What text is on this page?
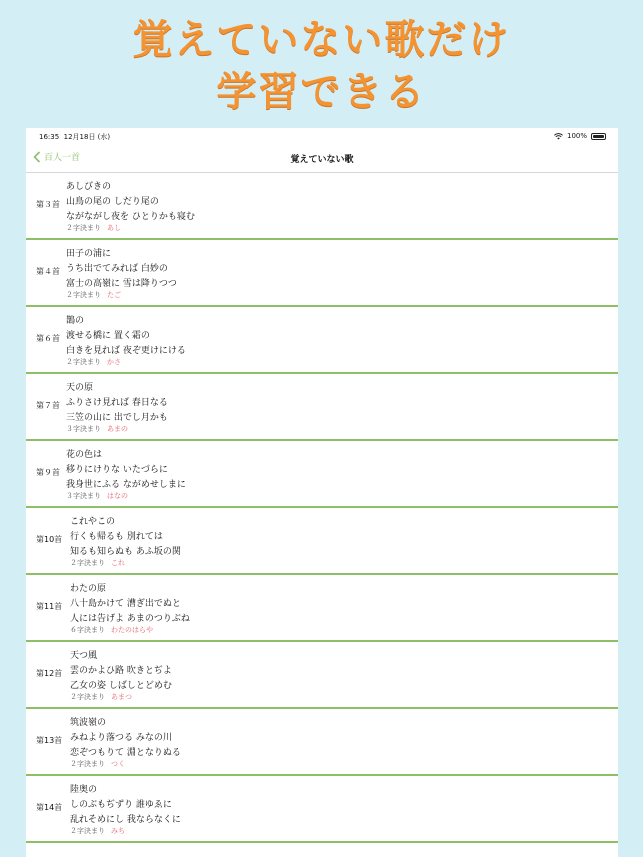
覚えていない歌だけ
学習できる
16:35 12月18日 (水)	100%
百人一首	覚えていない歌
第３首
あしびきの
山鳥の尾の しだり尾の
ながながし夜を ひとりかも寝む
２字決まり あし
第４首
田子の浦に
うち出でてみれば 白妙の
富士の高嶺に 雪は降りつつ
２字決まり たご
第６首
鵲の
渡せる橋に 置く霜の
白きを見れば 夜ぞ更けにける
２字決まり かさ
第７首
天の原
ふりさけ見れば 春日なる
三笠の山に 出でし月かも
３字決まり あまの
第９首
花の色は
移りにけりな いたづらに
我身世にふる ながめせしまに
３字決まり はなの
第10首
これやこの
行くも帰るも 別れては
知るも知らぬも あふ坂の関
２字決まり これ
第11首
わたの原
八十島かけて 漕ぎ出でぬと
人には告げよ あまのつりぶね
６字決まり わたのはらや
第12首
天つ風
雲のかよひ路 吹きとぢよ
乙女の姿 しばしとどめむ
２字決まり あまつ
第13首
筑波嶺の
みねより落つる みなの川
恋ぞつもりて 淵となりぬる
２字決まり つく
第14首
陸奥の
しのぶもぢずり 誰ゆゑに
乱れそめにし 我ならなくに
２字決まり みち
